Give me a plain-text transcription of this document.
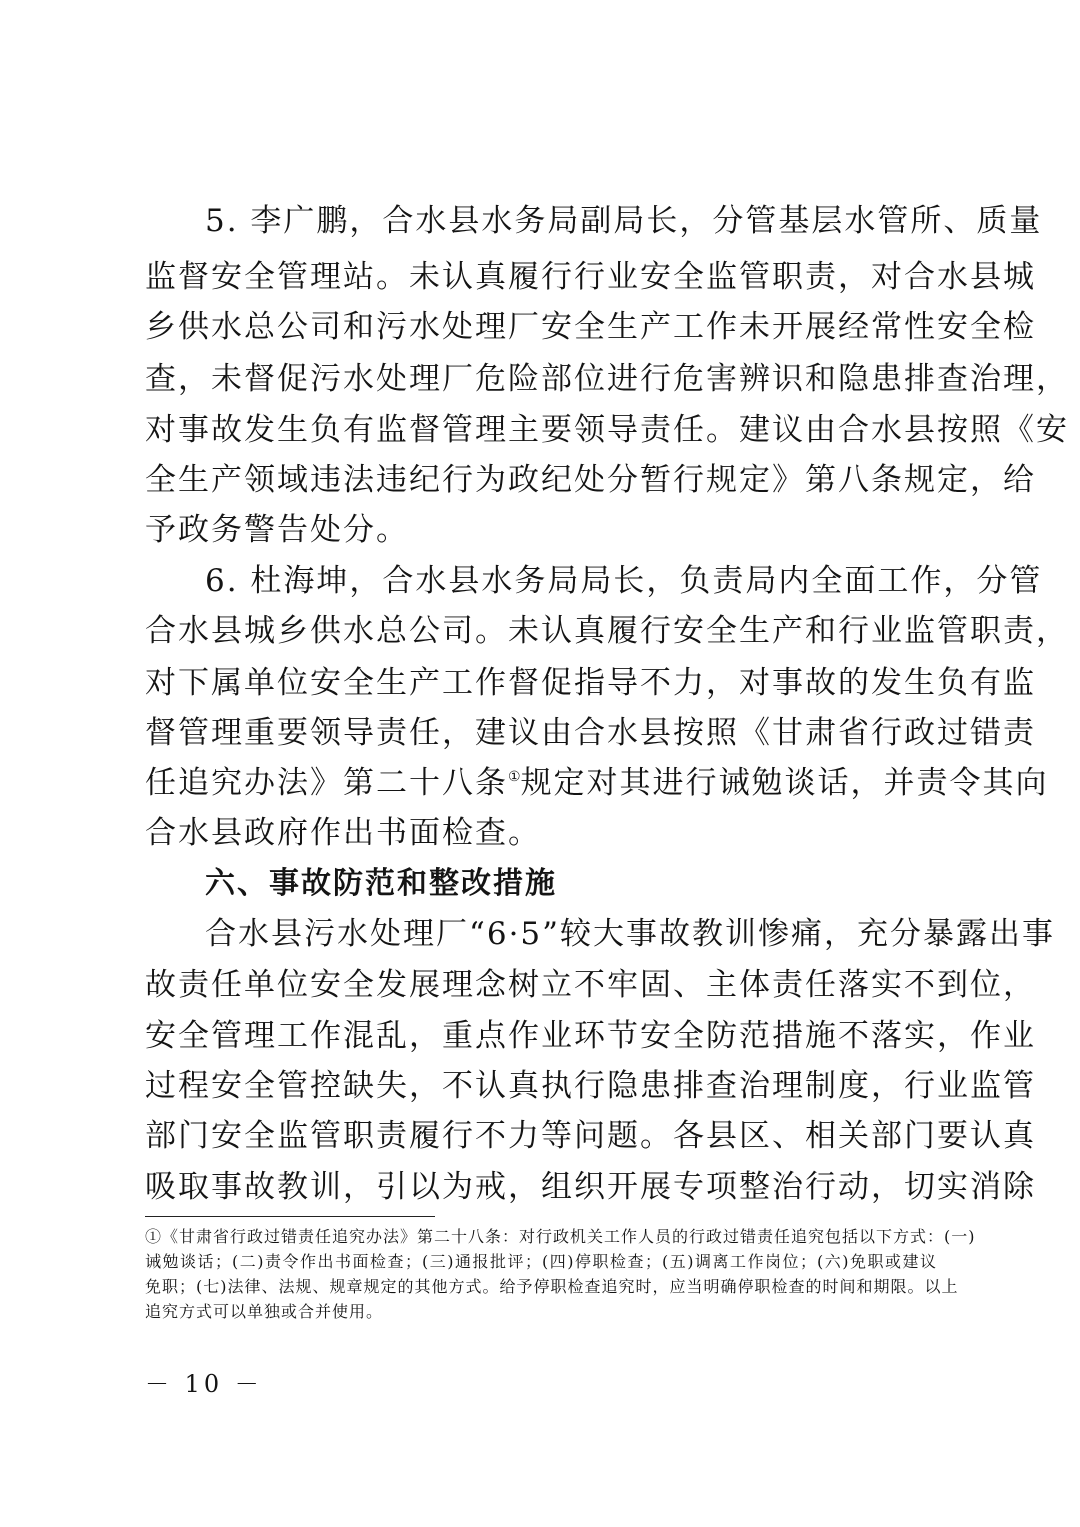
5. 李广鹏，合水县水务局副局长，分管基层水管所、质量
监督安全管理站。未认真履行行业安全监管职责，对合水县城
乡供水总公司和污水处理厂安全生产工作未开展经常性安全检
查，未督促污水处理厂危险部位进行危害辨识和隐患排查治理，
对事故发生负有监督管理主要领导责任。建议由合水县按照《安
全生产领域违法违纪行为政纪处分暂行规定》第八条规定，给
予政务警告处分。
6. 杜海坤，合水县水务局局长，负责局内全面工作，分管
合水县城乡供水总公司。未认真履行安全生产和行业监管职责，
对下属单位安全生产工作督促指导不力，对事故的发生负有监
督管理重要领导责任，建议由合水县按照《甘肃省行政过错责
任追究办法》第二十八条①规定对其进行诫勉谈话，并责令其向
合水县政府作出书面检查。
六、事故防范和整改措施
合水县污水处理厂“6·5”较大事故教训惨痛，充分暴露出事
故责任单位安全发展理念树立不牢固、主体责任落实不到位，
安全管理工作混乱，重点作业环节安全防范措施不落实，作业
过程安全管控缺失，不认真执行隐患排查治理制度，行业监管
部门安全监管职责履行不力等问题。各县区、相关部门要认真
吸取事故教训，引以为戒，组织开展专项整治行动，切实消除
①《甘肃省行政过错责任追究办法》第二十八条：对行政机关工作人员的行政过错责任追究包括以下方式：(一)
诫勉谈话；(二)责令作出书面检查；(三)通报批评；(四)停职检查；(五)调离工作岗位；(六)免职或建议
免职；(七)法律、法规、规章规定的其他方式。给予停职检查追究时，应当明确停职检查的时间和期限。以上
追究方式可以单独或合并使用。
－ 10 －
